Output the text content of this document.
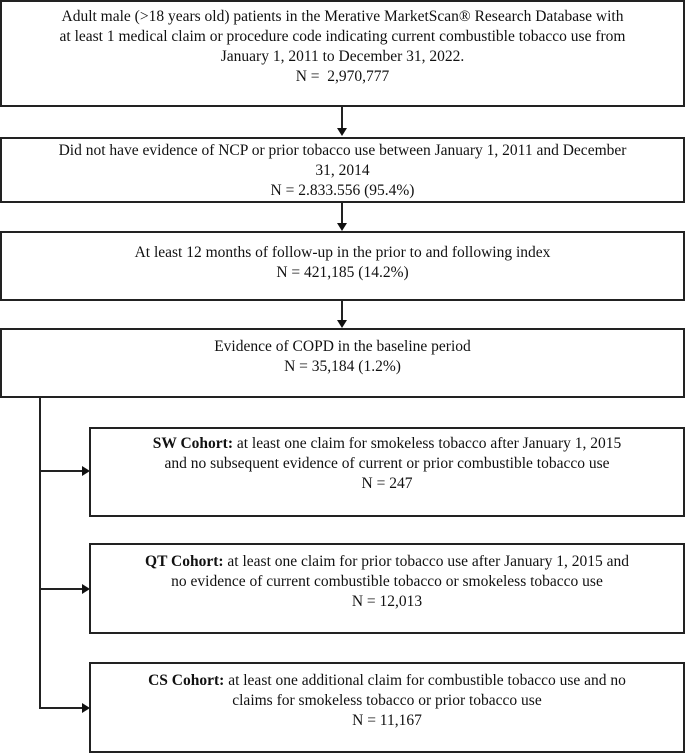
Adult male (>18 years old) patients in the Merative MarketScan® Research Database with
at least 1 medical claim or procedure code indicating current combustible tobacco use from
January 1, 2011 to December 31, 2022.
N =  2,970,777
Did not have evidence of NCP or prior tobacco use between January 1, 2011 and December
31, 2014
N = 2.833.556 (95.4%)
At least 12 months of follow-up in the prior to and following index
N = 421,185 (14.2%)
Evidence of COPD in the baseline period
N = 35,184 (1.2%)
SW Cohort: at least one claim for smokeless tobacco after January 1, 2015
and no subsequent evidence of current or prior combustible tobacco use
N = 247
QT Cohort: at least one claim for prior tobacco use after January 1, 2015 and
no evidence of current combustible tobacco or smokeless tobacco use
N = 12,013
CS Cohort: at least one additional claim for combustible tobacco use and no
claims for smokeless tobacco or prior tobacco use
N = 11,167
